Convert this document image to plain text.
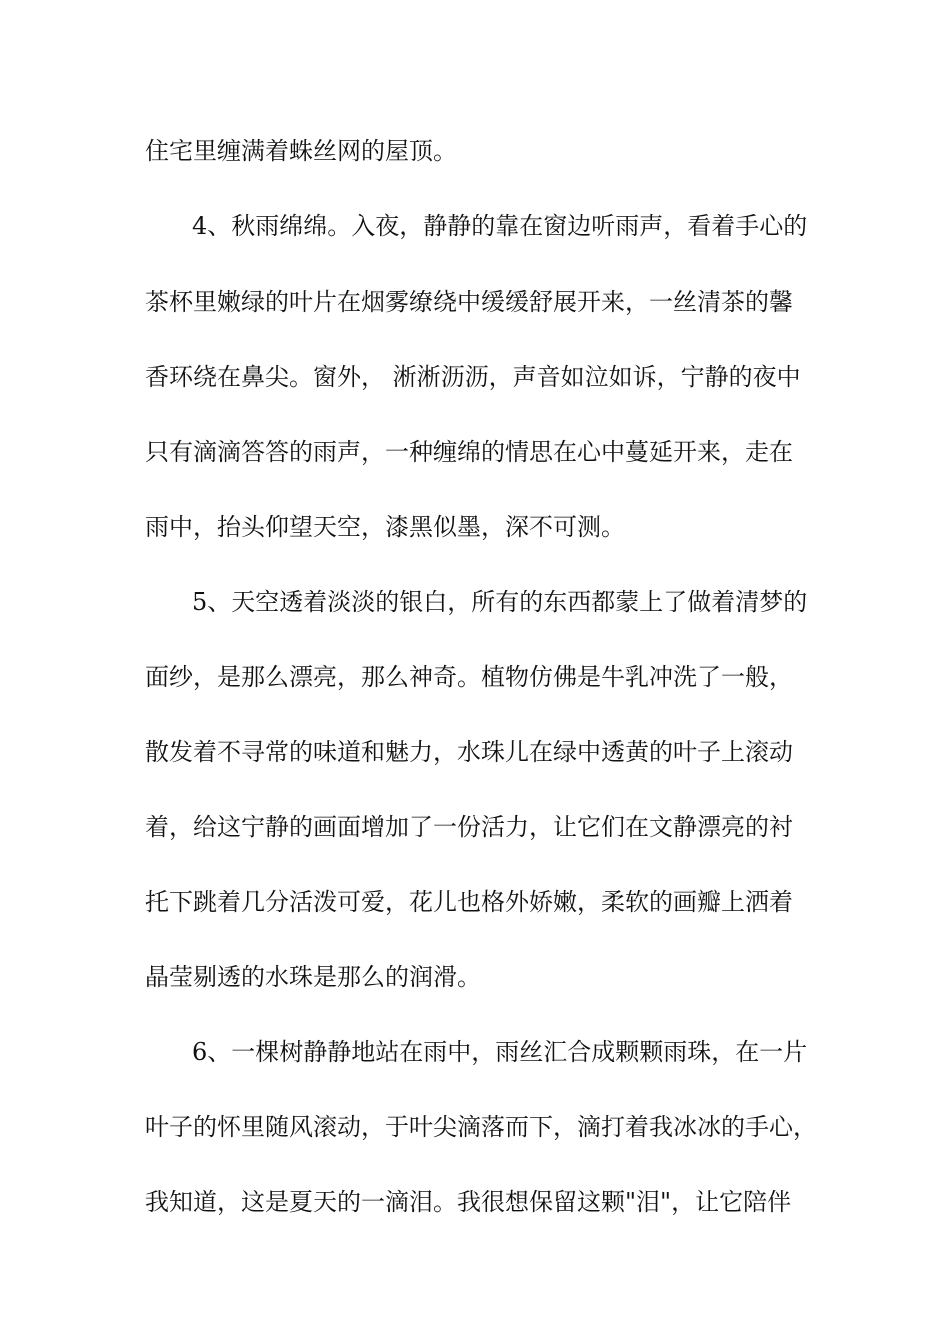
住宅里缠满着蛛丝网的屋顶。
4、秋雨绵绵。入夜，静静的靠在窗边听雨声，看着手心的
茶杯里嫩绿的叶片在烟雾缭绕中缓缓舒展开来，一丝清茶的馨
香环绕在鼻尖。窗外， 淅淅沥沥，声音如泣如诉，宁静的夜中
只有滴滴答答的雨声，一种缠绵的情思在心中蔓延开来，走在
雨中，抬头仰望天空，漆黑似墨，深不可测。
5、天空透着淡淡的银白，所有的东西都蒙上了做着清梦的
面纱，是那么漂亮，那么神奇。植物仿佛是牛乳冲洗了一般，
散发着不寻常的味道和魅力，水珠儿在绿中透黄的叶子上滚动
着，给这宁静的画面增加了一份活力，让它们在文静漂亮的衬
托下跳着几分活泼可爱，花儿也格外娇嫩，柔软的画瓣上洒着
晶莹剔透的水珠是那么的润滑。
6、一棵树静静地站在雨中，雨丝汇合成颗颗雨珠，在一片
叶子的怀里随风滚动，于叶尖滴落而下，滴打着我冰冰的手心，
我知道，这是夏天的一滴泪。我很想保留这颗"泪"，让它陪伴
